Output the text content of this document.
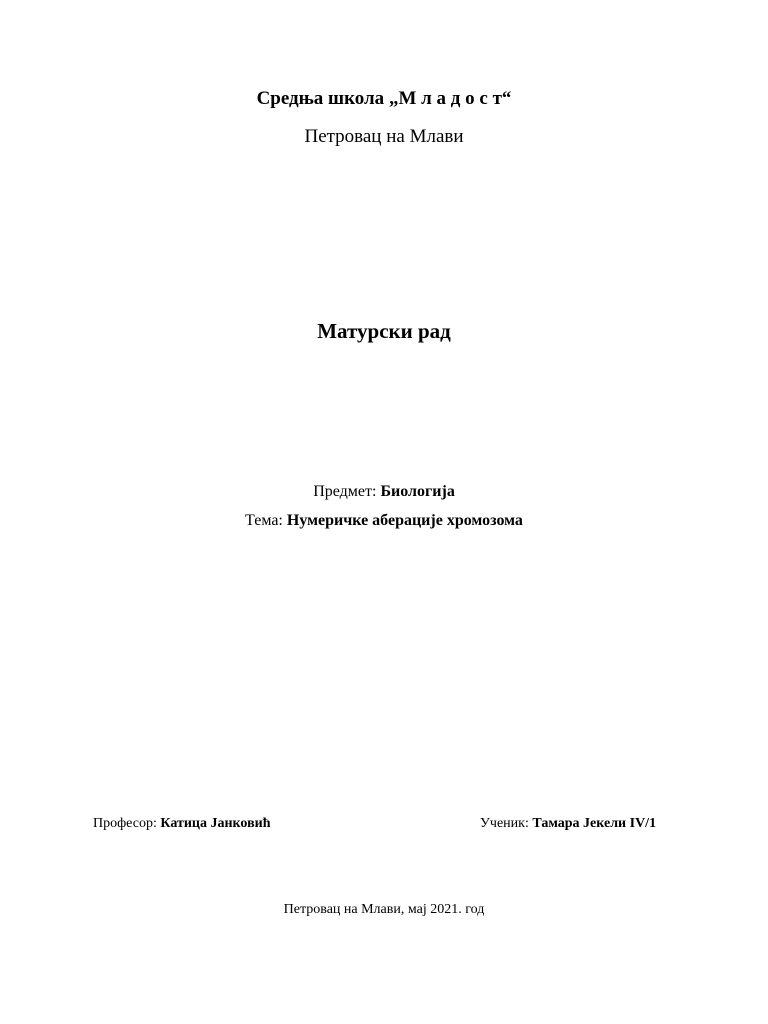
Средња школа „М л а д о с т“
Петровац на Млави
Матурски рад
Предмет: Биологија
Тема: Нумеричке аберације хромозома
Професор: Катица Јанковић	Ученик: Тамара Јекели IV/1
Петровац на Млави, мај 2021. год
